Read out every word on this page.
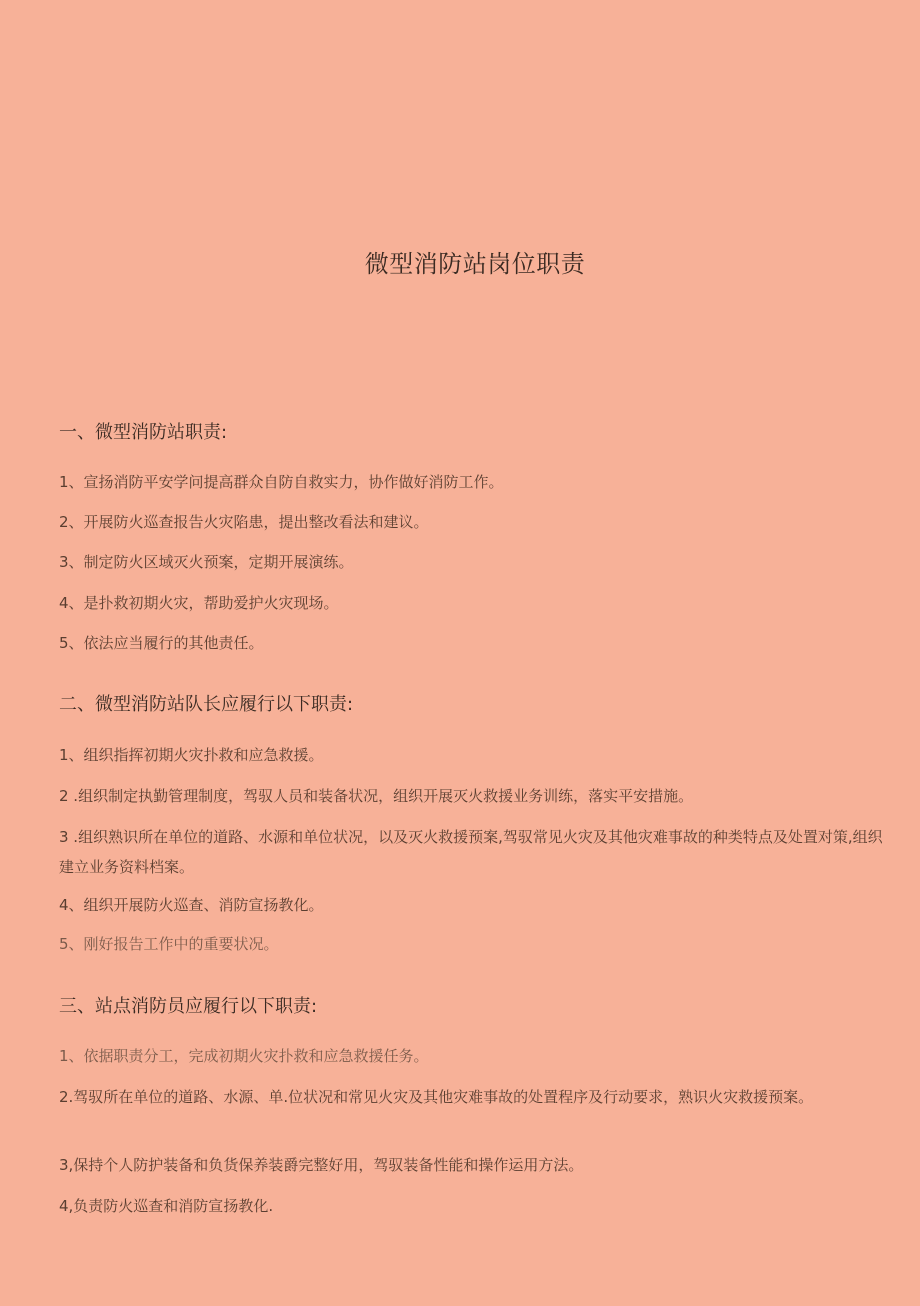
微型消防站岗位职责
一、微型消防站职责:
1、宣扬消防平安学问提高群众自防自救实力，协作做好消防工作。
2、开展防火巡查报告火灾陷患，提出整改看法和建议。
3、制定防火区域灭火预案，定期开展演练。
4、是扑救初期火灾，帮助爱护火灾现场。
5、依法应当履行的其他责任。
二、微型消防站队长应履行以下职责:
1、组织指挥初期火灾扑救和应急救援。
2 .组织制定执勤管理制度，驾驭人员和装备状况，组织开展灭火救援业务训练，落实平安措施。
3 .组织熟识所在单位的道路、水源和单位状况，以及灭火救援预案,驾驭常见火灾及其他灾难事故的种类特点及处置对策,组织建立业务资料档案。
4、组织开展防火巡查、消防宣扬教化。
5、刚好报告工作中的重要状况。
三、站点消防员应履行以下职责:
1、依据职责分工，完成初期火灾扑救和应急救援任务。
2.驾驭所在单位的道路、水源、单.位状况和常见火灾及其他灾难事故的处置程序及行动要求，熟识火灾救援预案。
3,保持个人防护装备和负货保养装爵完整好用，驾驭装备性能和操作运用方法。
4,负责防火巡查和消防宣扬教化.
